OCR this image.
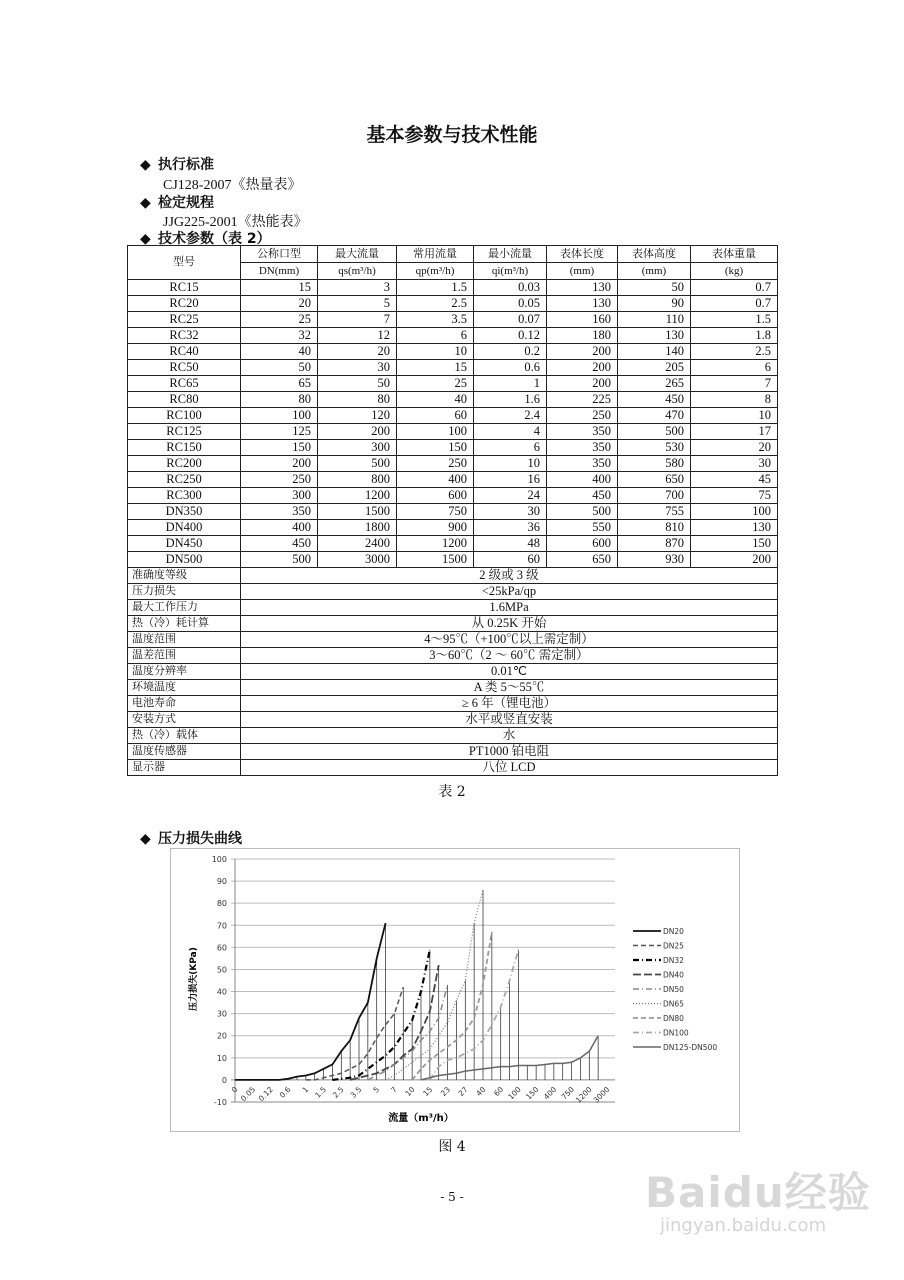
基本参数与技术性能
◆ 执行标准
CJ128-2007《热量表》
◆ 检定规程
JJG225-2001《热能表》
◆ 技术参数（表 2）
型号	公称口型	最大流量	常用流量	最小流量	表体长度	表体高度	表体重量
	DN(mm)	qs(m³/h)	qp(m³/h)	qi(m³/h)	(mm)	(mm)	(kg)
RC15	15	3	1.5	0.03	130	50	0.7
RC20	20	5	2.5	0.05	130	90	0.7
RC25	25	7	3.5	0.07	160	110	1.5
RC32	32	12	6	0.12	180	130	1.8
RC40	40	20	10	0.2	200	140	2.5
RC50	50	30	15	0.6	200	205	6
RC65	65	50	25	1	200	265	7
RC80	80	80	40	1.6	225	450	8
RC100	100	120	60	2.4	250	470	10
RC125	125	200	100	4	350	500	17
RC150	150	300	150	6	350	530	20
RC200	200	500	250	10	350	580	30
RC250	250	800	400	16	400	650	45
RC300	300	1200	600	24	450	700	75
DN350	350	1500	750	30	500	755	100
DN400	400	1800	900	36	550	810	130
DN450	450	2400	1200	48	600	870	150
DN500	500	3000	1500	60	650	930	200
准确度等级	2 级或 3 级						
压力损失	<25kPa/qp						
最大工作压力	1.6MPa						
热（冷）耗计算	从 0.25K 开始						
温度范围	4～95℃（+100℃以上需定制）						
温差范围	3～60℃（2 ～ 60℃ 需定制）						
温度分辨率	0.01℃						
环境温度	A 类 5～55℃						
电池寿命	≥ 6 年（锂电池）						
安装方式	水平或竖直安装						
热（冷）载体	水						
温度传感器	PT1000 铂电阻						
显示器	八位 LCD						
表 2
◆ 压力损失曲线
-10
0
10
20
30
40
50
60
70
80
90
100
0 0.05 0.12 0.6 1 1.5 2.5 3.5 5 7 10 15 23 27 40 60 100 150 400 750
1200
3000
DN20
DN25
DN32
DN40
DN50
DN65
DN80
DN100
DN125-DN500
流量（m³/h）
压力损失(KPa)
图 4
- 5 -	Baidu经验
jingyan.baidu.com
